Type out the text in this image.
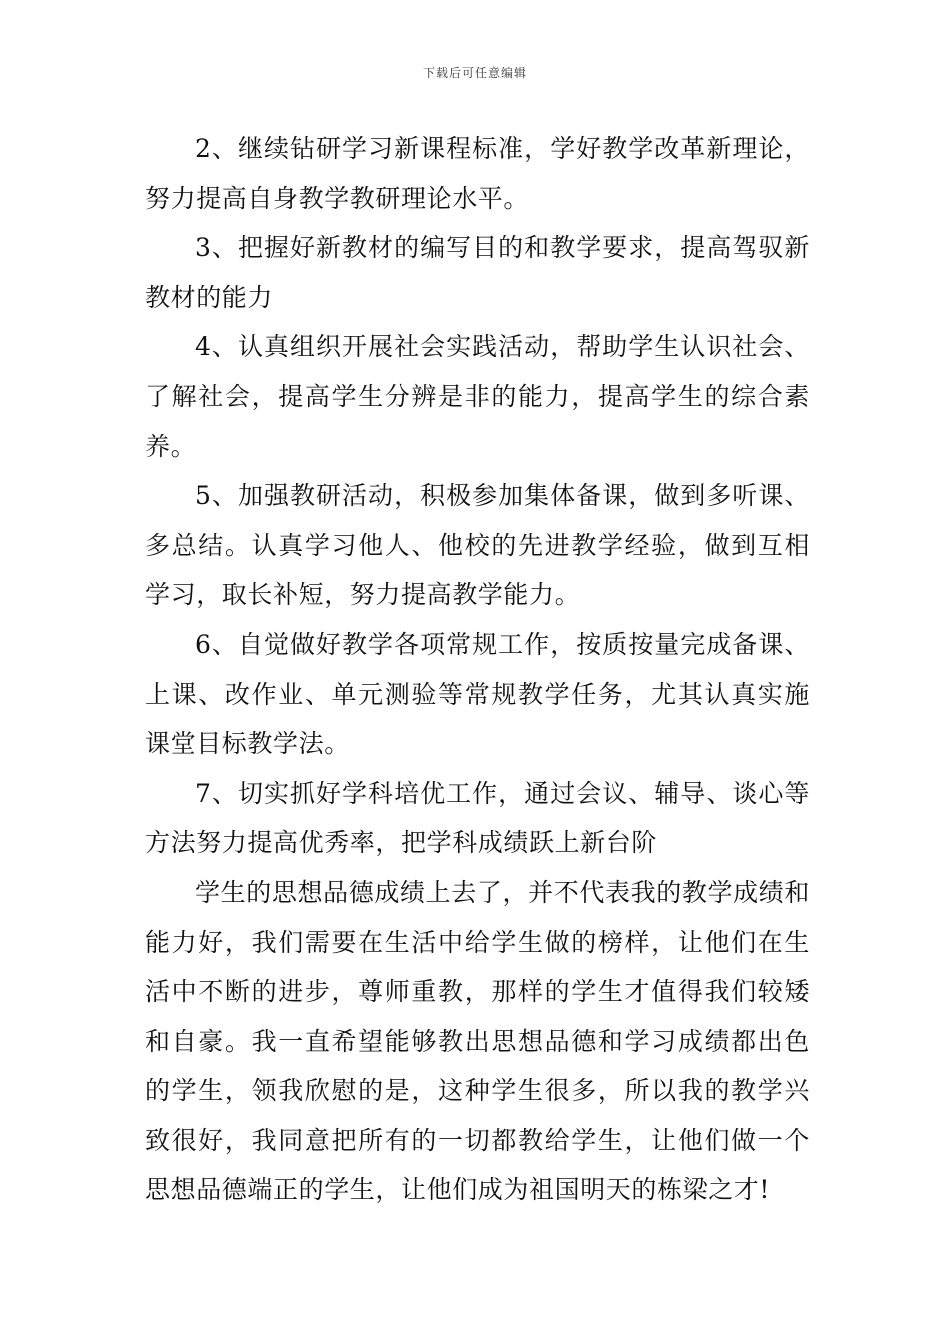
下载后可任意编辑

2、继续钻研学习新课程标准，学好教学改革新理论，努力提高自身教学教研理论水平。

3、把握好新教材的编写目的和教学要求，提高驾驭新教材的能力

4、认真组织开展社会实践活动，帮助学生认识社会、了解社会，提高学生分辨是非的能力，提高学生的综合素养。

5、加强教研活动，积极参加集体备课，做到多听课、多总结。认真学习他人、他校的先进教学经验，做到互相学习，取长补短，努力提高教学能力。

6、自觉做好教学各项常规工作，按质按量完成备课、上课、改作业、单元测验等常规教学任务，尤其认真实施课堂目标教学法。

7、切实抓好学科培优工作，通过会议、辅导、谈心等方法努力提高优秀率，把学科成绩跃上新台阶

学生的思想品德成绩上去了，并不代表我的教学成绩和能力好，我们需要在生活中给学生做的榜样，让他们在生活中不断的进步，尊师重教，那样的学生才值得我们较矮和自豪。我一直希望能够教出思想品德和学习成绩都出色的学生，领我欣慰的是，这种学生很多，所以我的教学兴致很好，我同意把所有的一切都教给学生，让他们做一个思想品德端正的学生，让他们成为祖国明天的栋梁之才!
